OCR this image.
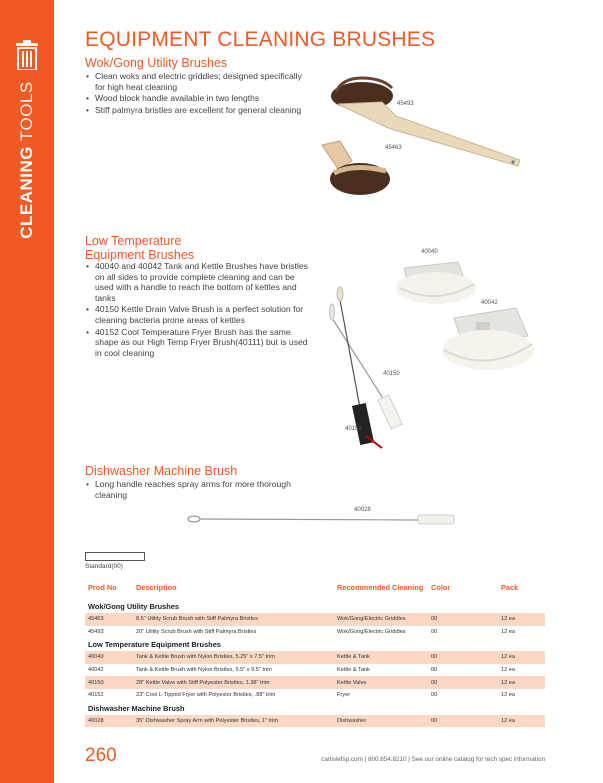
CLEANING TOOLS
EQUIPMENT CLEANING BRUSHES
Wok/Gong Utility Brushes
• Clean woks and electric griddles; designed specifically for high heat cleaning
• Wood block handle available in two lengths
• Stiff palmyra bristles are excellent for general cleaning
45493
45463
Low Temperature
Equipment Brushes
• 40040 and 40042 Tank and Kettle Brushes have bristles on all sides to provide complete cleaning and can be used with a handle to reach the bottom of kettles and tanks
• 40150 Kettle Drain Valve Brush is a perfect solution for cleaning bacteria prone areas of kettles
• 40152 Cool Temperature Fryer Brush has the same shape as our High Temp Fryer Brush(40111) but is used in cool cleaning
40040
40042
40150
40152
Dishwasher Machine Brush
• Long handle reaches spray arms for more thorough cleaning
40028
Standard(00)
Prod No	Description	Recommended Cleaning	Color	Pack
Wok/Gong Utility Brushes				
45463	8.5" Utility Scrub Brush with Stiff Palmyra Bristles	Wok/Gong/Electric Griddles	00	12 ea
45493	20" Utility Scrub Brush with Stiff Palmyra Bristles	Wok/Gong/Electric Griddles	00	12 ea
Low Temperature Equipment Brushes				
40040	Tank & Kettle Brush with Nylon Bristles, 5.25" x 7.5" trim	Kettle & Tank	00	12 ea
40042	Tank & Kettle Brush with Nylon Bristles, 5.5" x 9.5" trim	Kettle & Tank	00	12 ea
40150	28" Kettle Valve with Stiff Polyester Bristles, 1.38" trim	Kettle Valve	00	12 ea
40152	23" Cool L-Tipped Fryer with Polyester Bristles, .88" trim	Fryer	00	12 ea
Dishwasher Machine Brush				
40028	35" Dishwasher Spray Arm with Polyester Bristles, 1" trim	Dishwasher	00	12 ea
260	carlislefsp.com | 800.654.8210 | See our online catalog for tech spec information
